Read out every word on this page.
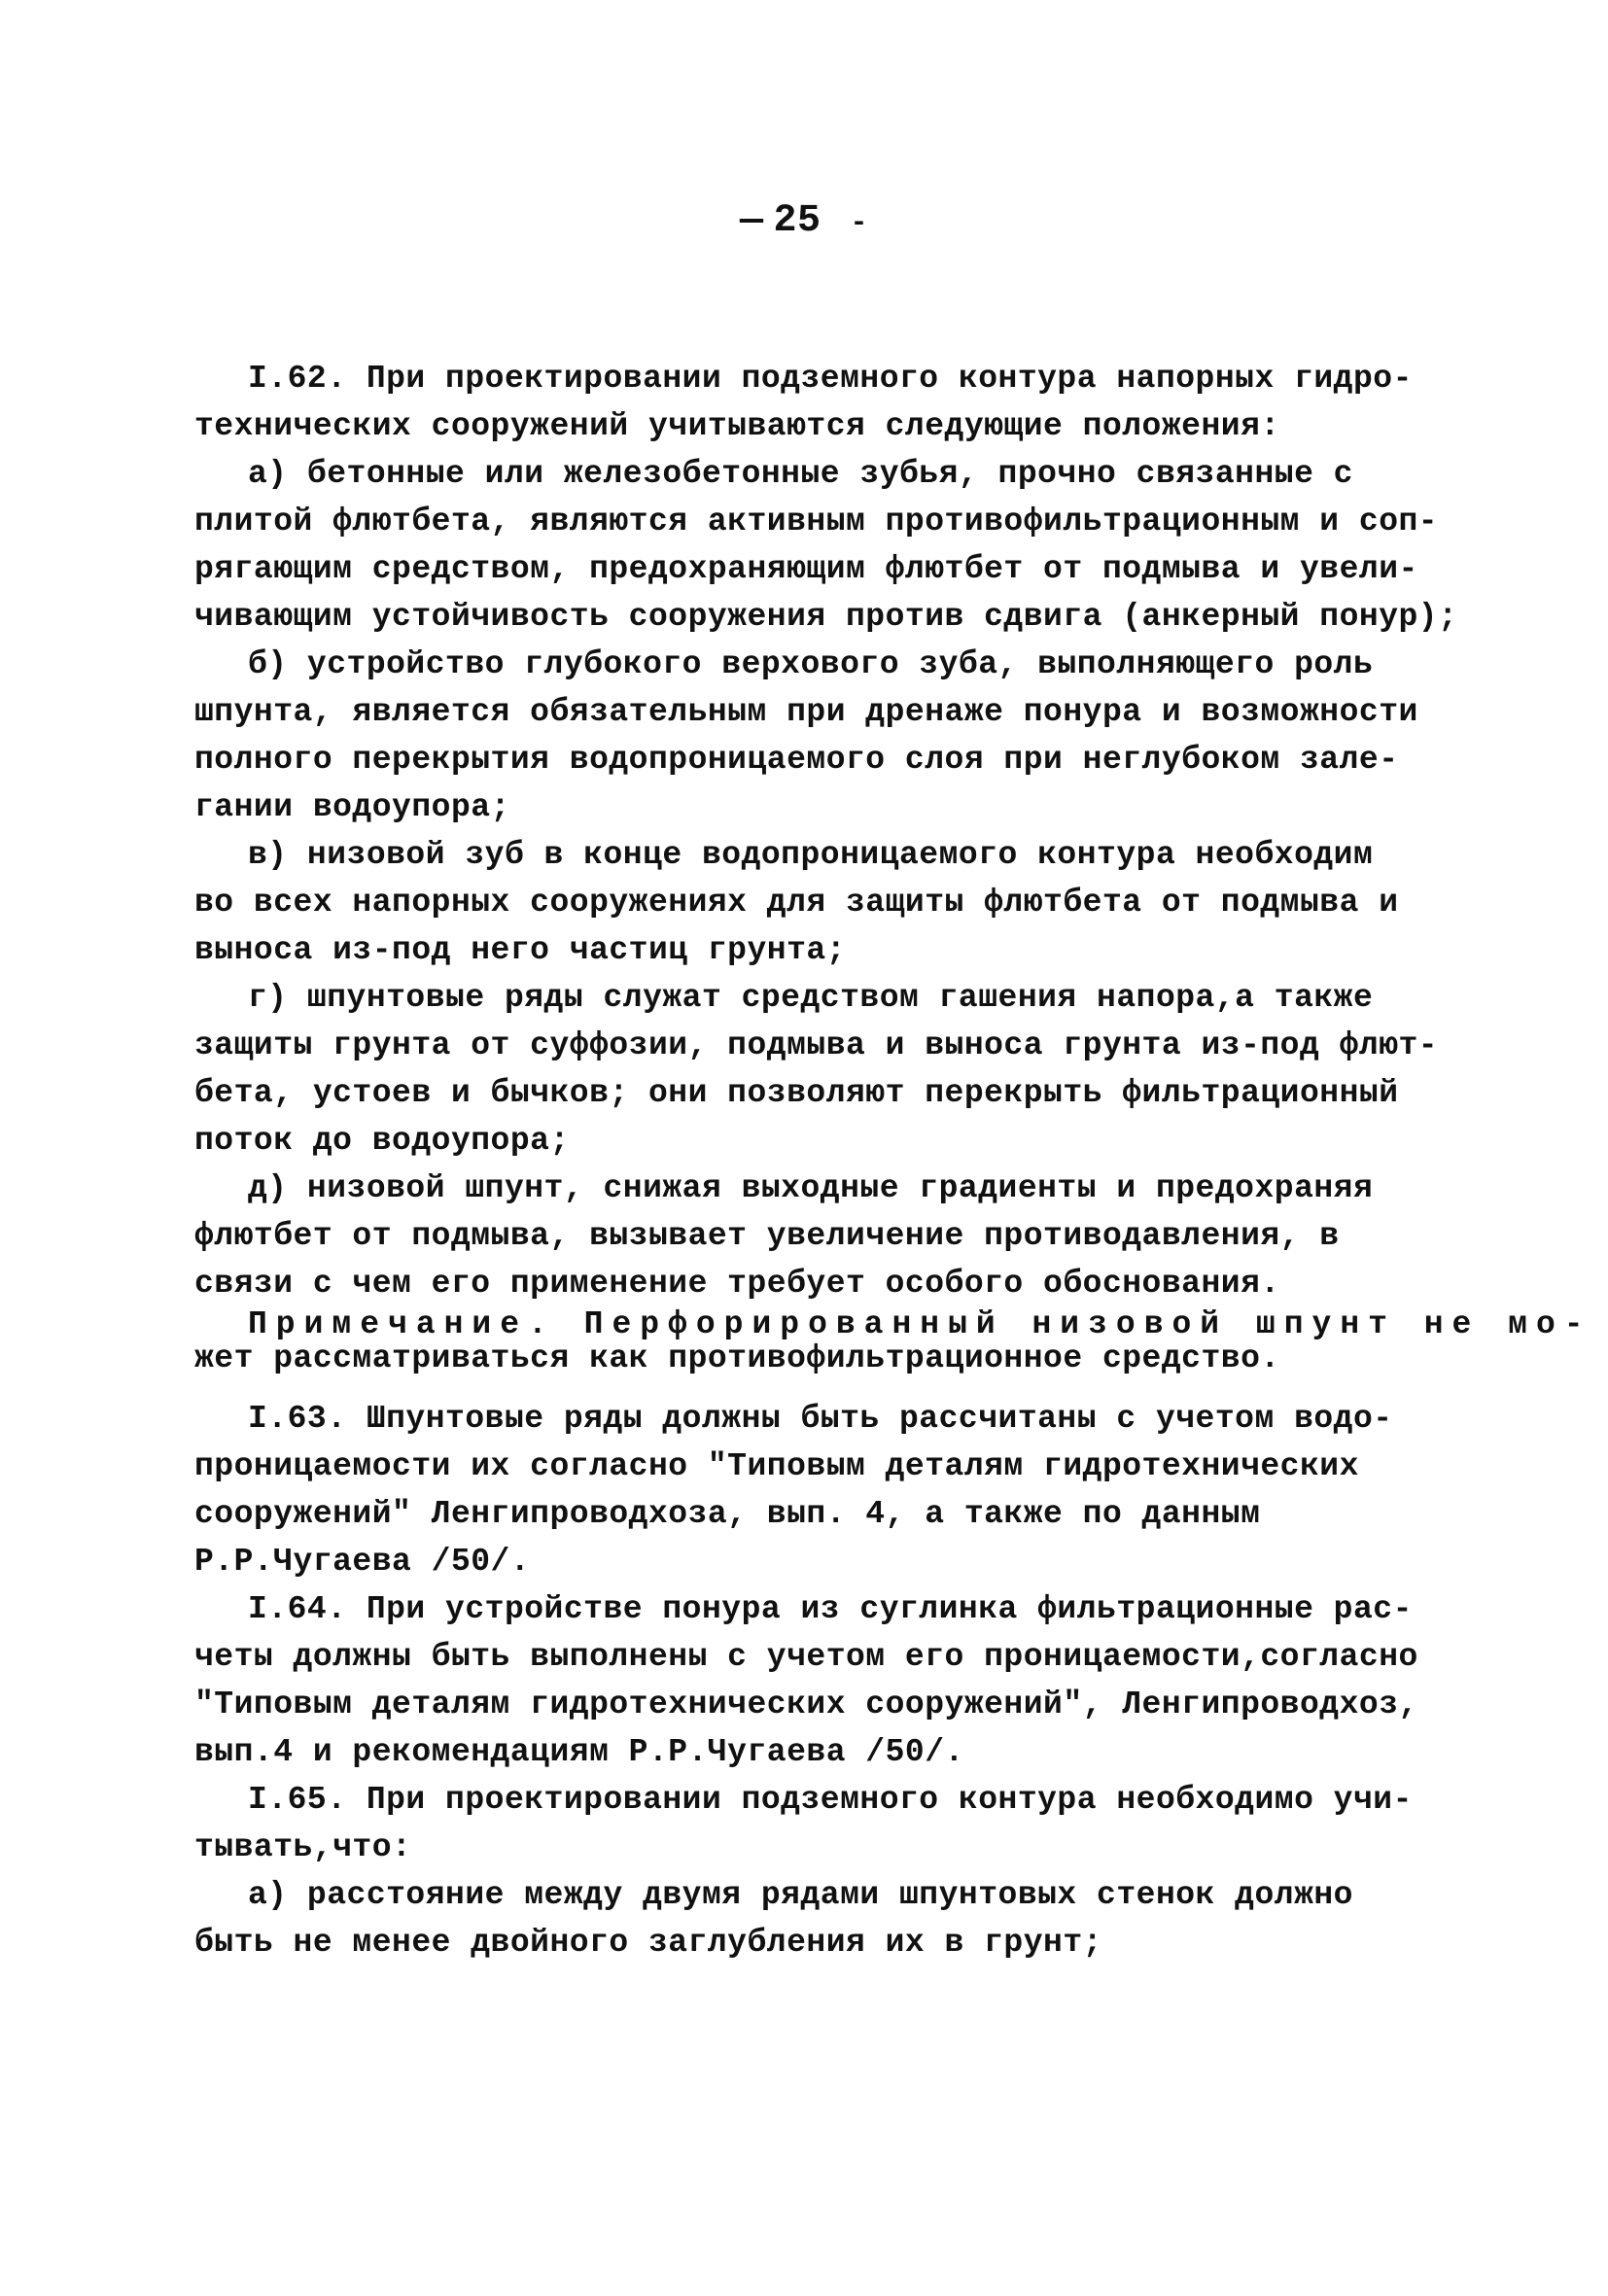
— 25 -
I.62. При проектировании подземного контура напорных гидро-
технических сооружений учитываются следующие положения:
а) бетонные или железобетонные зубья, прочно связанные с
плитой флютбета, являются активным противофильтрационным и соп-
рягающим средством, предохраняющим флютбет от подмыва и увели-
чивающим устойчивость сооружения против сдвига (анкерный понур);
б) устройство глубокого верхового зуба, выполняющего роль
шпунта, является обязательным при дренаже понура и возможности
полного перекрытия водопроницаемого слоя при неглубоком зале-
гании водоупора;
в) низовой зуб в конце водопроницаемого контура необходим
во всех напорных сооружениях для защиты флютбета от подмыва и
выноса из-под него частиц грунта;
г) шпунтовые ряды служат средством гашения напора,а также
защиты грунта от суффозии, подмыва и выноса грунта из-под флют-
бета, устоев и бычков; они позволяют перекрыть фильтрационный
поток до водоупора;
д) низовой шпунт, снижая выходные градиенты и предохраняя
флютбет от подмыва, вызывает увеличение противодавления, в
связи с чем его применение требует особого обоснования.
Примечание. Перфорированный низовой шпунт не мо-
жет рассматриваться как противофильтрационное средство.
I.63. Шпунтовые ряды должны быть рассчитаны с учетом водо-
проницаемости их согласно "Типовым деталям гидротехнических
сооружений" Ленгипроводхоза, вып. 4, а также по данным
Р.Р.Чугаева /50/.
I.64. При устройстве понура из суглинка фильтрационные рас-
четы должны быть выполнены с учетом его проницаемости,согласно
"Типовым деталям гидротехнических сооружений", Ленгипроводхоз,
вып.4 и рекомендациям Р.Р.Чугаева /50/.
I.65. При проектировании подземного контура необходимо учи-
тывать,что:
а) расстояние между двумя рядами шпунтовых стенок должно
быть не менее двойного заглубления их в грунт;
